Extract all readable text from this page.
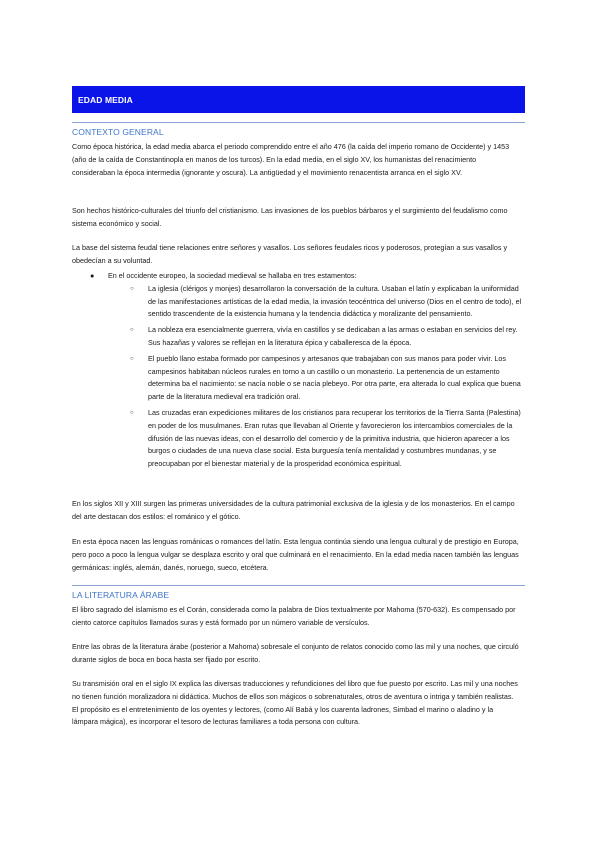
EDAD MEDIA
CONTEXTO GENERAL

Como época histórica, la edad media abarca el periodo comprendido entre el año 476 (la caída del imperio romano de Occidente) y 1453 (año de la caída de Constantinopla en manos de los turcos). En la edad media, en el siglo XV, los humanistas del renacimiento consideraban la época intermedia (ignorante y oscura). La antigüedad y el movimiento renacentista arranca en el siglo XV.

Son hechos histórico-culturales del triunfo del cristianismo. Las invasiones de los pueblos bárbaros y el surgimiento del feudalismo como sistema económico y social.

La base del sistema feudal tiene relaciones entre señores y vasallos. Los señores feudales ricos y poderosos, protegían a sus vasallos y obedecían a su voluntad.

● En el occidente europeo, la sociedad medieval se hallaba en tres estamentos:
○ La iglesia (clérigos y monjes) desarrollaron la conversación de la cultura. Usaban el latín y explicaban la uniformidad de las manifestaciones artísticas de la edad media, la invasión teocéntrica del universo (Dios en el centro de todo), el sentido trascendente de la existencia humana y la tendencia didáctica y moralizante del pensamiento.
○ La nobleza era esencialmente guerrera, vivía en castillos y se dedicaban a las armas o estaban en servicios del rey. Sus hazañas y valores se reflejan en la literatura épica y caballeresca de la época.
○ El pueblo llano estaba formado por campesinos y artesanos que trabajaban con sus manos para poder vivir. Los campesinos habitaban núcleos rurales en torno a un castillo o un monasterio. La pertenencia de un estamento determina ba el nacimiento: se nacía noble o se nacía plebeyo. Por otra parte, era alterada lo cual explica que buena parte de la literatura medieval era tradición oral.
○ Las cruzadas eran expediciones militares de los cristianos para recuperar los territorios de la Tierra Santa (Palestina) en poder de los musulmanes. Eran rutas que llevaban al Oriente y favorecieron los intercambios comerciales de la difusión de las nuevas ideas, con el desarrollo del comercio y de la primitiva industria, que hicieron aparecer a los burgos o ciudades de una nueva clase social. Esta burguesía tenía mentalidad y costumbres mundanas, y se preocupaban por el bienestar material y de la prosperidad económica espiritual.

En los siglos XII y XIII surgen las primeras universidades de la cultura patrimonial exclusiva de la iglesia y de los monasterios. En el campo del arte destacan dos estilos: el románico y el gótico.

En esta época nacen las lenguas románicas o romances del latín. Esta lengua continúa siendo una lengua cultural y de prestigio en Europa, pero poco a poco la lengua vulgar se desplaza escrito y oral que culminará en el renacimiento. En la edad media nacen también las lenguas germánicas: inglés, alemán, danés, noruego, sueco, etcétera.

LA LITERATURA ÁRABE

El libro sagrado del islamismo es el Corán, considerada como la palabra de Dios textualmente por Mahoma (570-632). Es compensado por ciento catorce capítulos llamados suras y está formado por un número variable de versículos.

Entre las obras de la literatura árabe (posterior a Mahoma) sobresale el conjunto de relatos conocido como las mil y una noches, que circuló durante siglos de boca en boca hasta ser fijado por escrito.

Su transmisión oral en el siglo IX explica las diversas traducciones y refundiciones del libro que fue puesto por escrito. Las mil y una noches no tienen función moralizadora ni didáctica. Muchos de ellos son mágicos o sobrenaturales, otros de aventura o intriga y también realistas. El propósito es el entretenimiento de los oyentes y lectores, (como Alí Babá y los cuarenta ladrones, Simbad el marino o aladino y la lámpara mágica), es incorporar el tesoro de lecturas familiares a toda persona con cultura.
